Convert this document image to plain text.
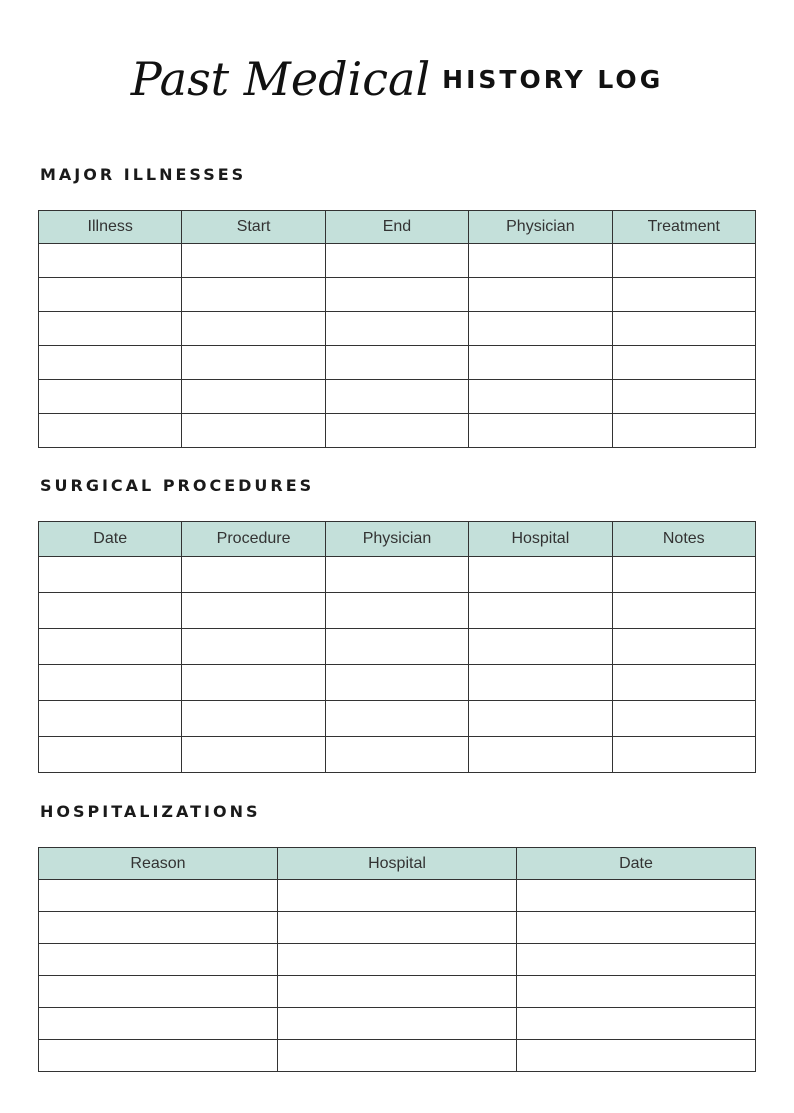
Past Medical HISTORY LOG
MAJOR ILLNESSES
Illness	Start	End	Physician	Treatment

SURGICAL PROCEDURES
Date	Procedure	Physician	Hospital	Notes

HOSPITALIZATIONS
Reason	Hospital	Date
